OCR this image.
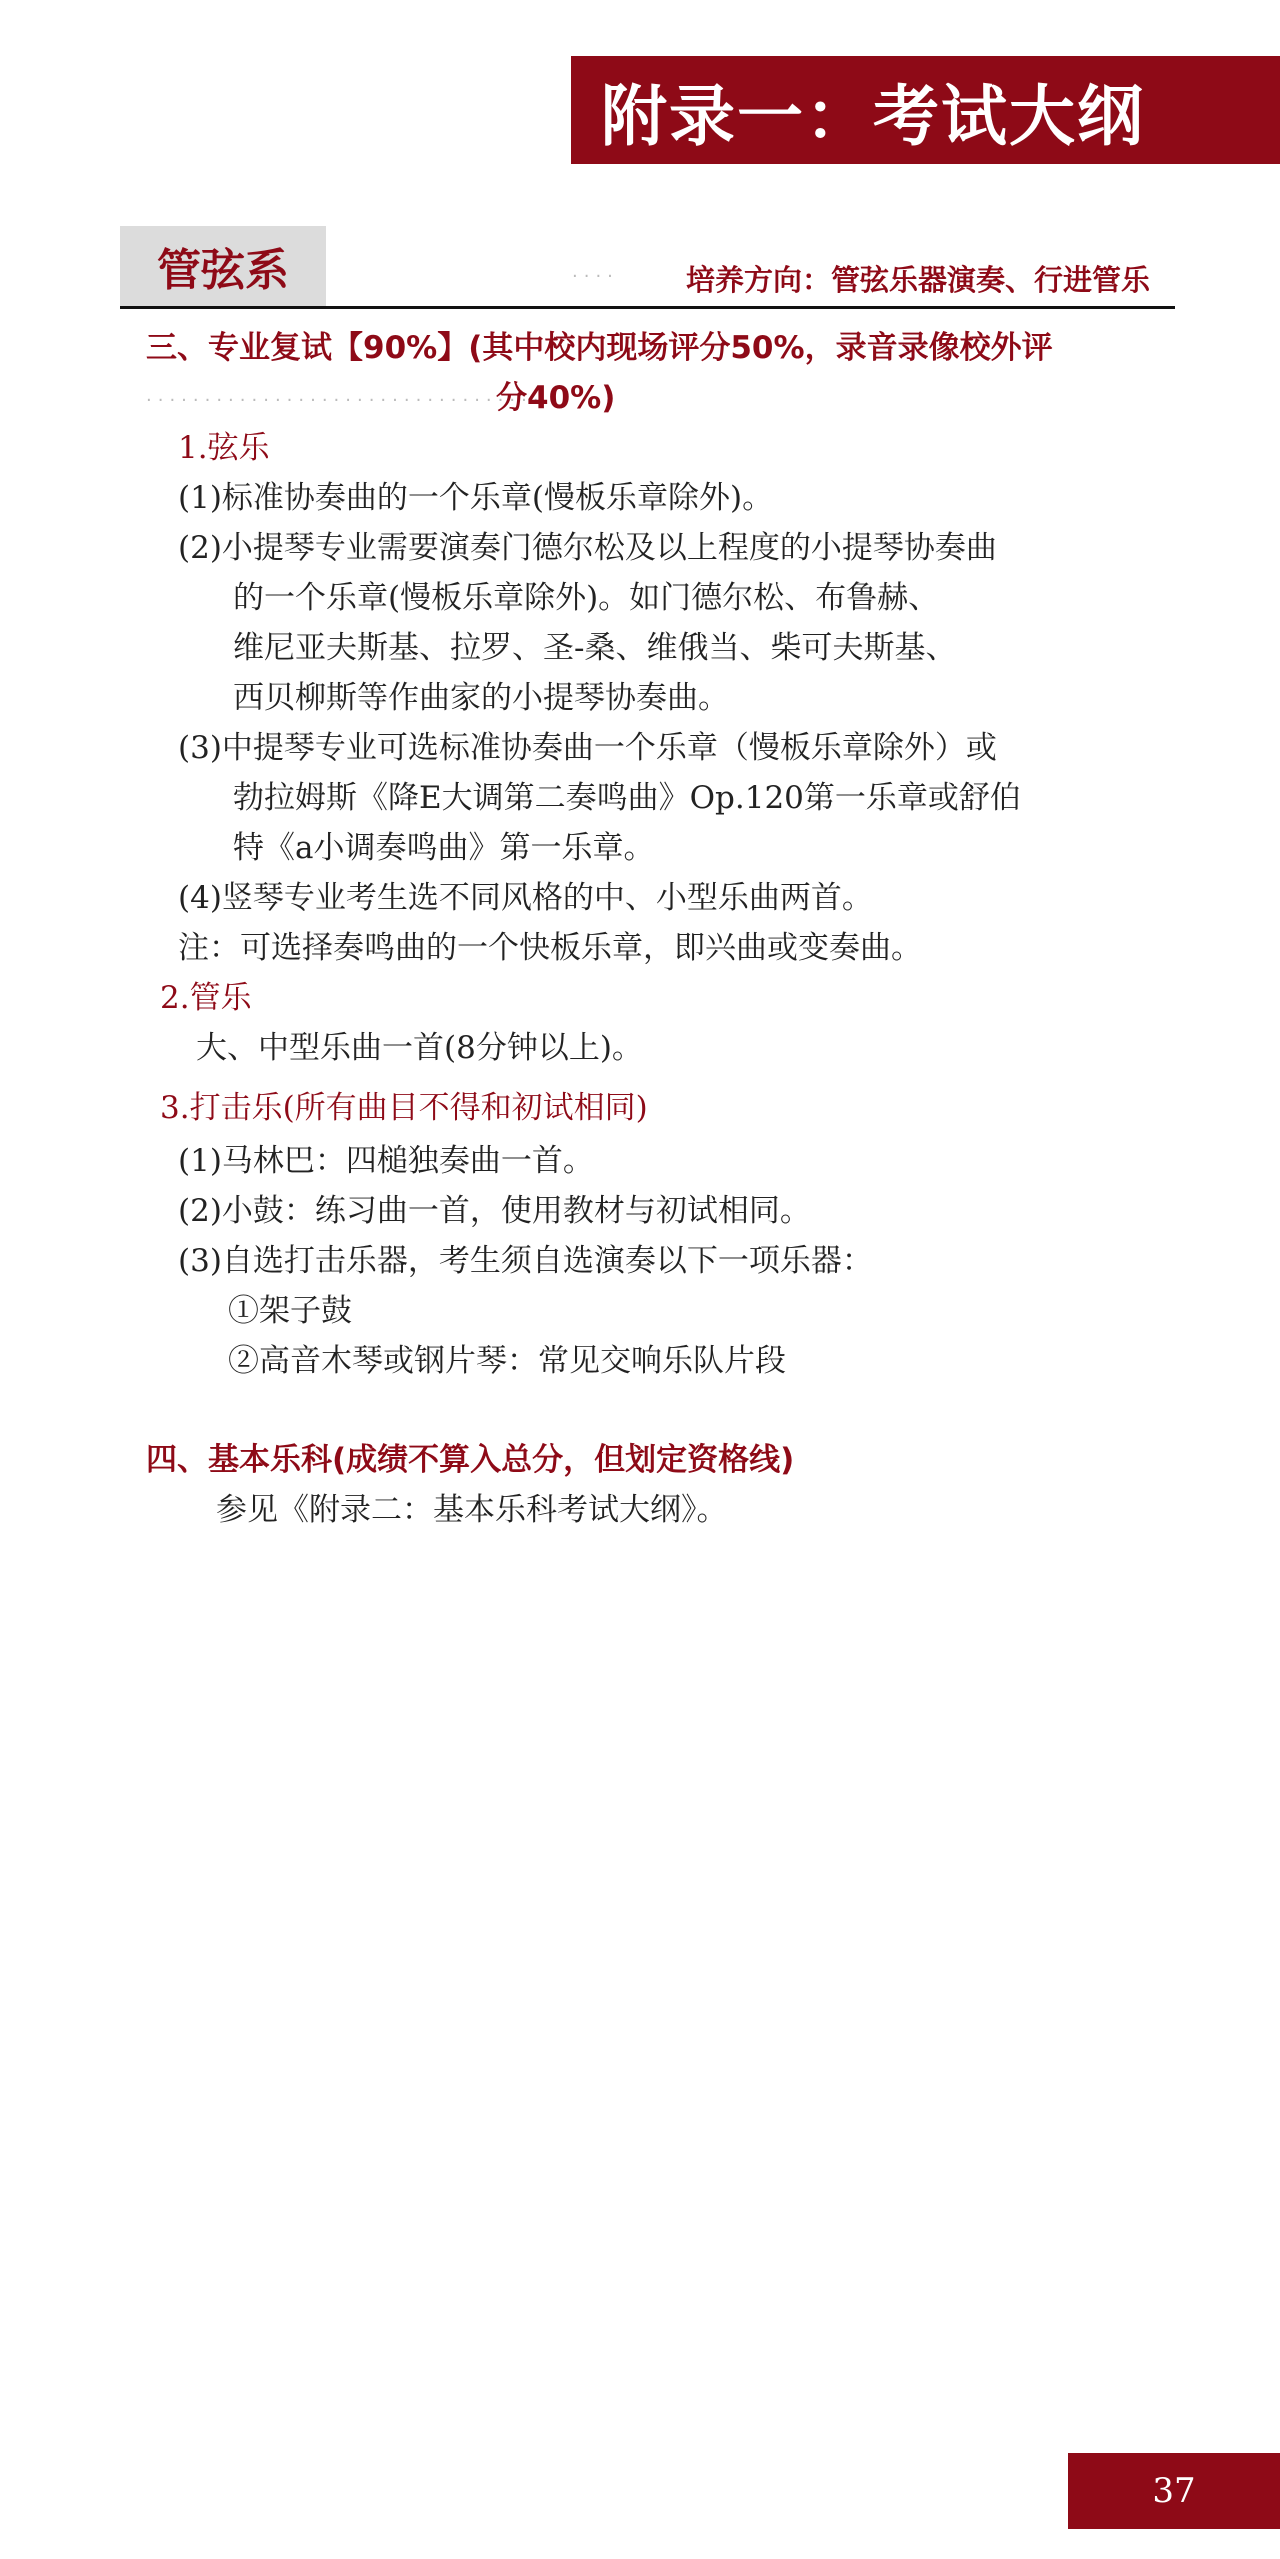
附录一：考试大纲
管弦系	···· 培养方向：管弦乐器演奏、行进管乐
三、专业复试【90%】(其中校内现场评分50%，录音录像校外评
··································
分40%)
1.弦乐
(1)标准协奏曲的一个乐章(慢板乐章除外)。
(2)小提琴专业需要演奏门德尔松及以上程度的小提琴协奏曲
的一个乐章(慢板乐章除外)。如门德尔松、布鲁赫、
维尼亚夫斯基、拉罗、圣-桑、维俄当、柴可夫斯基、
西贝柳斯等作曲家的小提琴协奏曲。
(3)中提琴专业可选标准协奏曲一个乐章（慢板乐章除外）或
勃拉姆斯《降E大调第二奏鸣曲》Op.120第一乐章或舒伯
特《a小调奏鸣曲》第一乐章。
(4)竖琴专业考生选不同风格的中、小型乐曲两首。
注：可选择奏鸣曲的一个快板乐章，即兴曲或变奏曲。
2.管乐
大、中型乐曲一首(8分钟以上)。
3.打击乐(所有曲目不得和初试相同)
(1)马林巴：四槌独奏曲一首。
(2)小鼓：练习曲一首，使用教材与初试相同。
(3)自选打击乐器，考生须自选演奏以下一项乐器：
①架子鼓
②高音木琴或钢片琴：常见交响乐队片段
四、基本乐科(成绩不算入总分，但划定资格线)
参见《附录二：基本乐科考试大纲》。
37
